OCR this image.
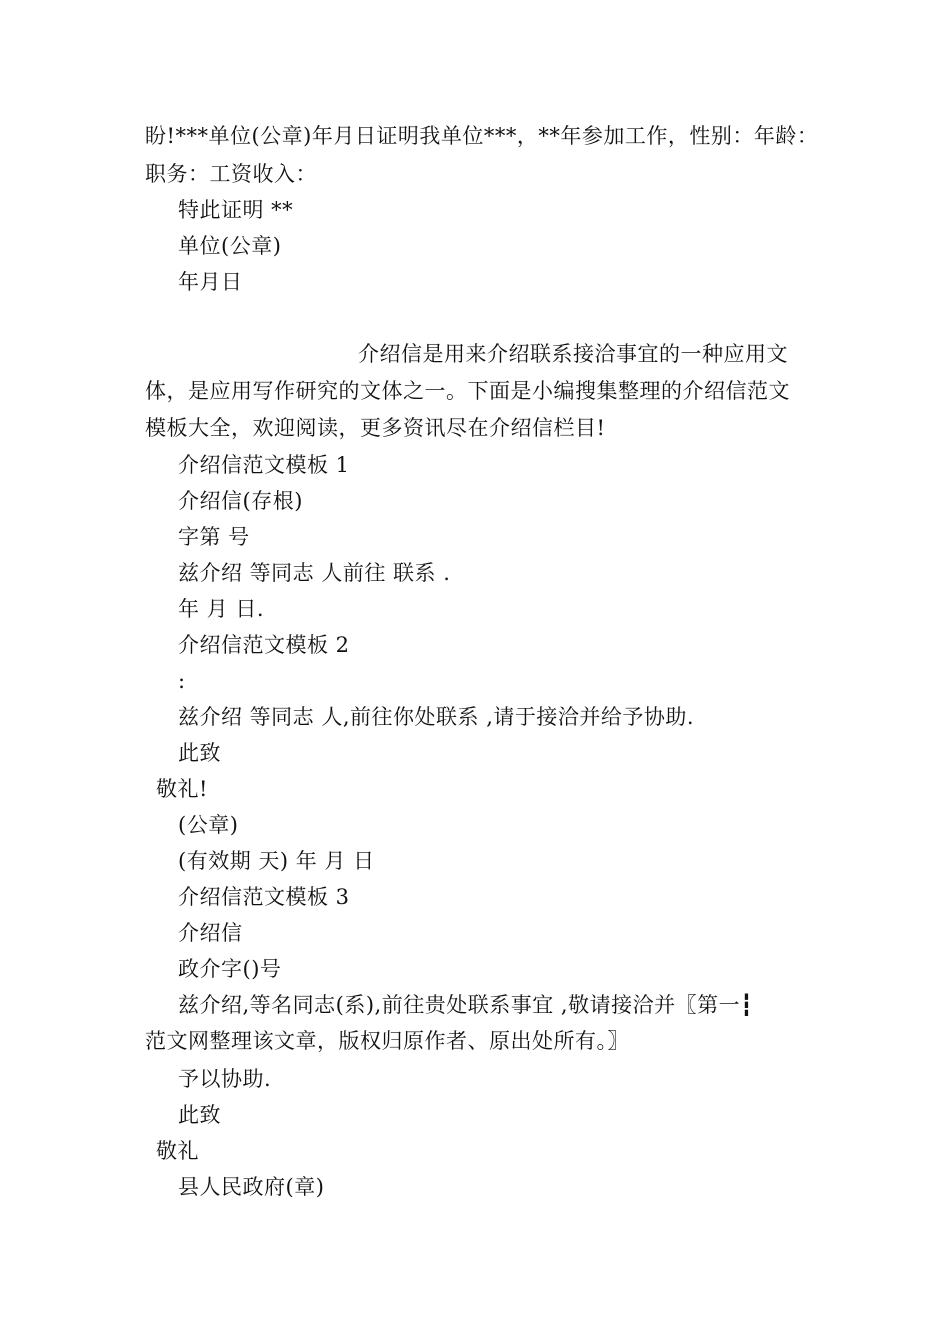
盼!***单位(公章)年月日证明我单位***，**年参加工作，性别：年龄：
职务：工资收入：
特此证明 **
单位(公章)
年月日
介绍信是用来介绍联系接洽事宜的一种应用文
体，是应用写作研究的文体之一。下面是小编搜集整理的介绍信范文
模板大全，欢迎阅读，更多资讯尽在介绍信栏目!
介绍信范文模板 1
介绍信(存根)
字第 号
兹介绍 等同志 人前往 联系 .
年 月 日.
介绍信范文模板 2
:
兹介绍 等同志 人,前往你处联系 ,请于接洽并给予协助.
此致
敬礼!
(公章)
(有效期 天) 年 月 日
介绍信范文模板 3
介绍信
政介字()号
兹介绍,等名同志(系),前往贵处联系事宜 ,敬请接洽并〖第一┇
范文网整理该文章，版权归原作者、原出处所有。〗
予以协助.
此致
敬礼
县人民政府(章)
